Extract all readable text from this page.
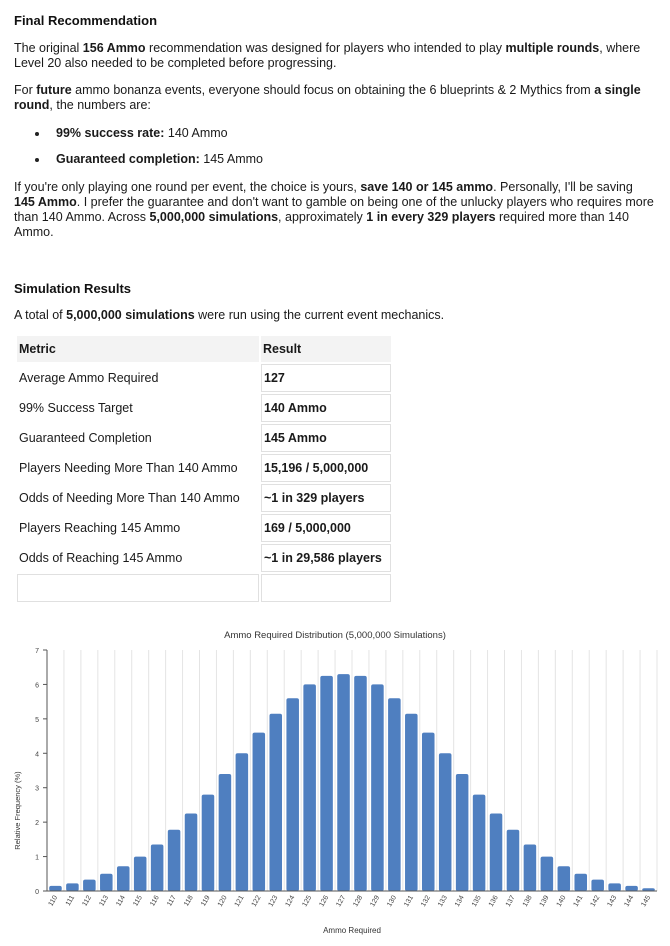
Final Recommendation

The original 156 Ammo recommendation was designed for players who intended to play multiple rounds, where Level 20 also needed to be completed before progressing.

For future ammo bonanza events, everyone should focus on obtaining the 6 blueprints & 2 Mythics from a single round, the numbers are:

99% success rate: 140 Ammo
Guaranteed completion: 145 Ammo

If you're only playing one round per event, the choice is yours, save 140 or 145 ammo. Personally, I'll be saving 145 Ammo. I prefer the guarantee and don't want to gamble on being one of the unlucky players who requires more than 140 Ammo. Across 5,000,000 simulations, approximately 1 in every 329 players required more than 140 Ammo.

Simulation Results

A total of 5,000,000 simulations were run using the current event mechanics.

Metric	Result
Average Ammo Required	127
99% Success Target	140 Ammo
Guaranteed Completion	145 Ammo
Players Needing More Than 140 Ammo	15,196 / 5,000,000
Odds of Needing More Than 140 Ammo	~1 in 329 players
Players Reaching 145 Ammo	169 / 5,000,000
Odds of Reaching 145 Ammo	~1 in 29,586 players

Ammo Required Distribution (5,000,000 Simulations)
0
1
2
3
4
5
6
7
110 111 112 113 114 115 116 117 118 119 120 121 122 123 124 125 126 127 128 129 130 131 132 133 134 135 136 137 138 139 140 141 142 143 144 145
Ammo Required
Relative Frequency (%)
